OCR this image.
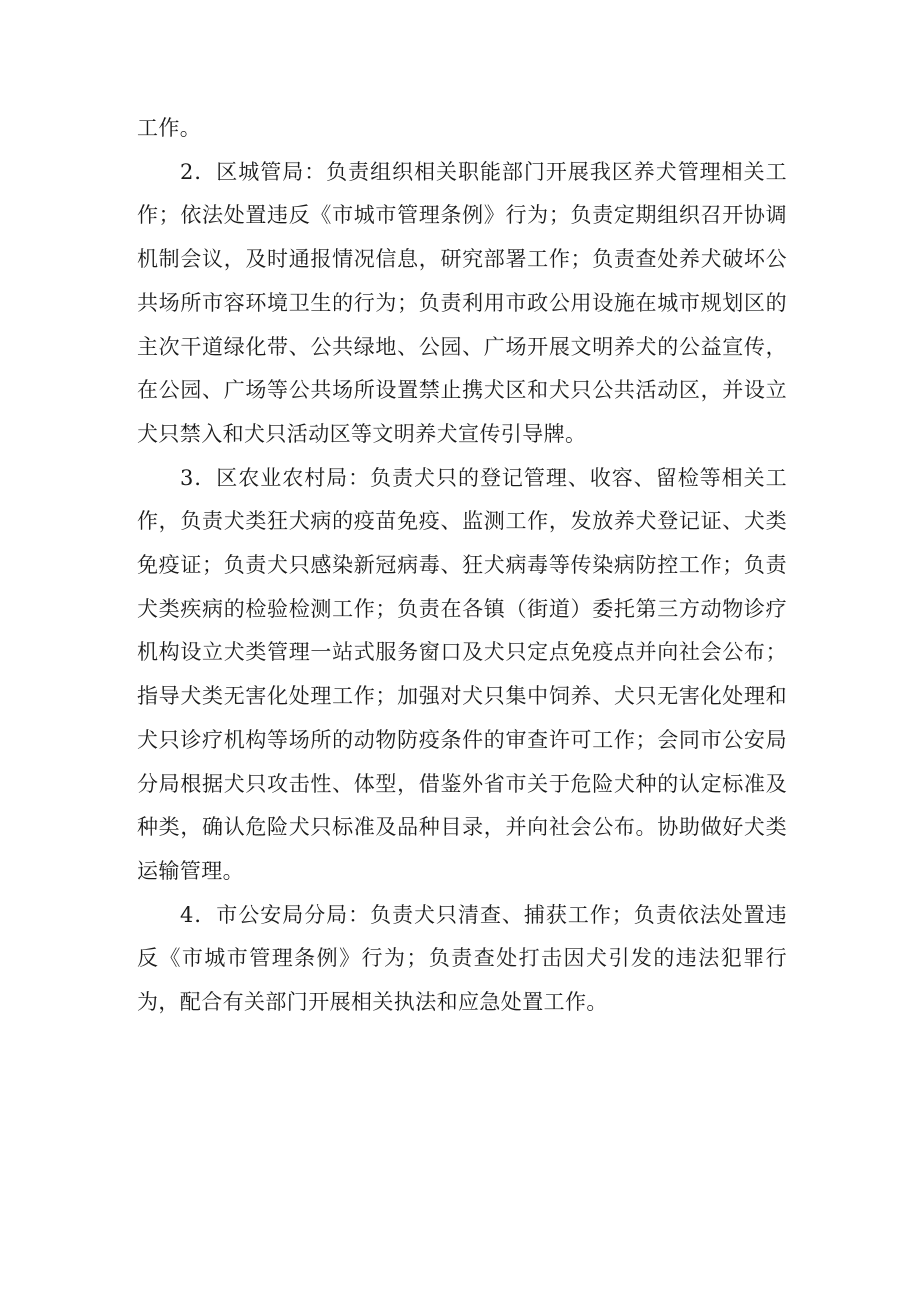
工作。

2．区城管局：负责组织相关职能部门开展我区养犬管理相关工作；依法处置违反《市城市管理条例》行为；负责定期组织召开协调机制会议，及时通报情况信息，研究部署工作；负责查处养犬破坏公共场所市容环境卫生的行为；负责利用市政公用设施在城市规划区的主次干道绿化带、公共绿地、公园、广场开展文明养犬的公益宣传，在公园、广场等公共场所设置禁止携犬区和犬只公共活动区，并设立犬只禁入和犬只活动区等文明养犬宣传引导牌。

3．区农业农村局：负责犬只的登记管理、收容、留检等相关工作，负责犬类狂犬病的疫苗免疫、监测工作，发放养犬登记证、犬类免疫证；负责犬只感染新冠病毒、狂犬病毒等传染病防控工作；负责犬类疾病的检验检测工作；负责在各镇（街道）委托第三方动物诊疗机构设立犬类管理一站式服务窗口及犬只定点免疫点并向社会公布；指导犬类无害化处理工作；加强对犬只集中饲养、犬只无害化处理和犬只诊疗机构等场所的动物防疫条件的审查许可工作；会同市公安局分局根据犬只攻击性、体型，借鉴外省市关于危险犬种的认定标准及种类，确认危险犬只标准及品种目录，并向社会公布。协助做好犬类运输管理。

4．市公安局分局：负责犬只清查、捕获工作；负责依法处置违反《市城市管理条例》行为；负责查处打击因犬引发的违法犯罪行为，配合有关部门开展相关执法和应急处置工作。
